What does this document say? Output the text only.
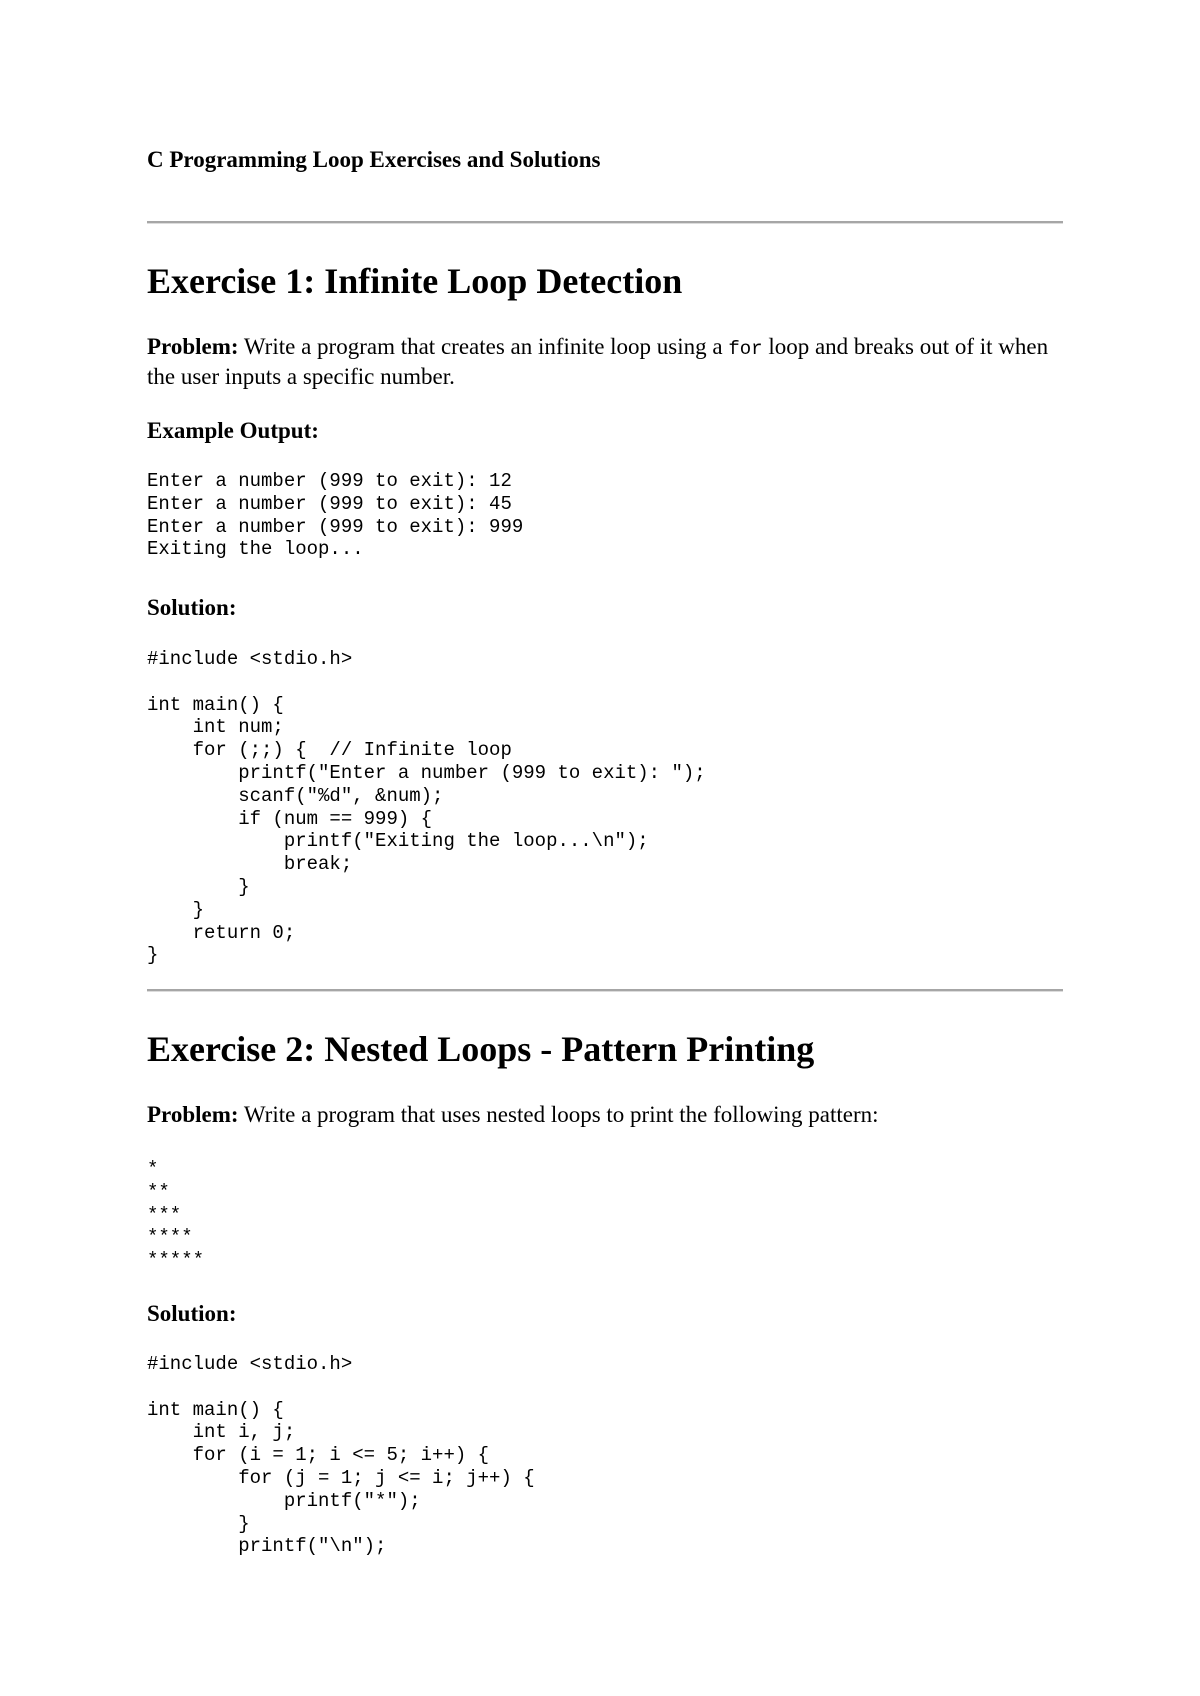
C Programming Loop Exercises and Solutions
Exercise 1: Infinite Loop Detection

Problem: Write a program that creates an infinite loop using a for loop and breaks out of it when the user inputs a specific number.

Example Output:
Enter a number (999 to exit): 12
Enter a number (999 to exit): 45
Enter a number (999 to exit): 999
Exiting the loop...
Solution:
#include <stdio.h>

int main() {
int num;
for (;;) {  // Infinite loop
printf("Enter a number (999 to exit): ");
scanf("%d", &num);
if (num == 999) {
printf("Exiting the loop...\n");
break;
}
}
return 0;
}
Exercise 2: Nested Loops - Pattern Printing

Problem: Write a program that uses nested loops to print the following pattern:

*
**
***
****
*****
Solution:
#include <stdio.h>

int main() {
int i, j;
for (i = 1; i <= 5; i++) {
for (j = 1; j <= i; j++) {
printf("*");
}
printf("\n");
